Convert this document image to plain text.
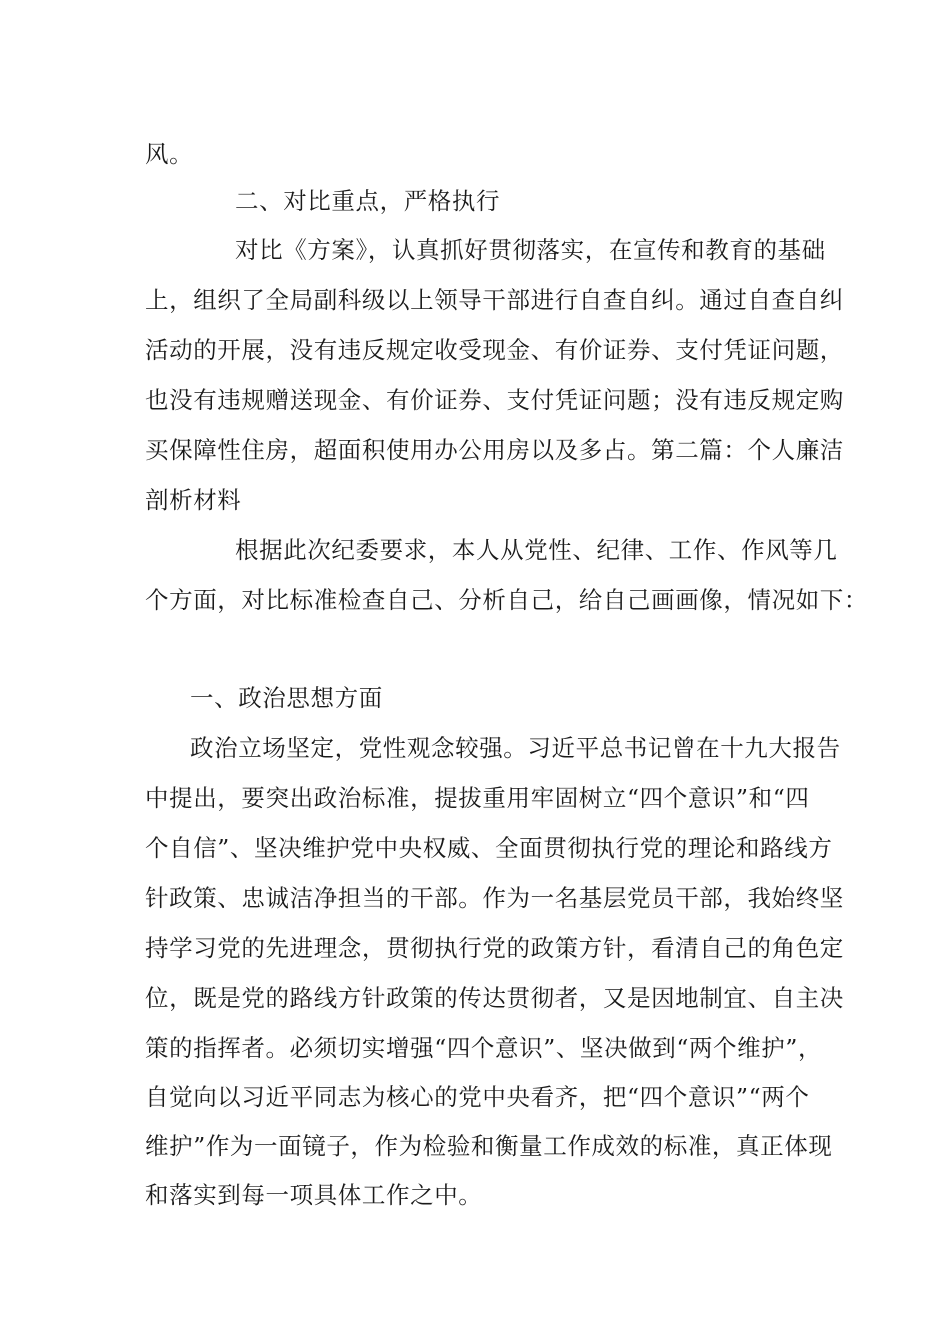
风。
二、对比重点，严格执行
对比《方案》，认真抓好贯彻落实，在宣传和教育的基础
上，组织了全局副科级以上领导干部进行自查自纠。通过自查自纠
活动的开展，没有违反规定收受现金、有价证券、支付凭证问题，
也没有违规赠送现金、有价证券、支付凭证问题；没有违反规定购
买保障性住房，超面积使用办公用房以及多占。第二篇：个人廉洁
剖析材料
根据此次纪委要求，本人从党性、纪律、工作、作风等几
个方面，对比标准检查自己、分析自己，给自己画画像，情况如下：
一、政治思想方面
政治立场坚定，党性观念较强。习近平总书记曾在十九大报告
中提出，要突出政治标准，提拔重用牢固树立“四个意识”和“四
个自信”、坚决维护党中央权威、全面贯彻执行党的理论和路线方
针政策、忠诚洁净担当的干部。作为一名基层党员干部，我始终坚
持学习党的先进理念，贯彻执行党的政策方针，看清自己的角色定
位，既是党的路线方针政策的传达贯彻者，又是因地制宜、自主决
策的指挥者。必须切实增强“四个意识”、坚决做到“两个维护”，
自觉向以习近平同志为核心的党中央看齐，把“四个意识”“两个
维护”作为一面镜子，作为检验和衡量工作成效的标准，真正体现
和落实到每一项具体工作之中。
